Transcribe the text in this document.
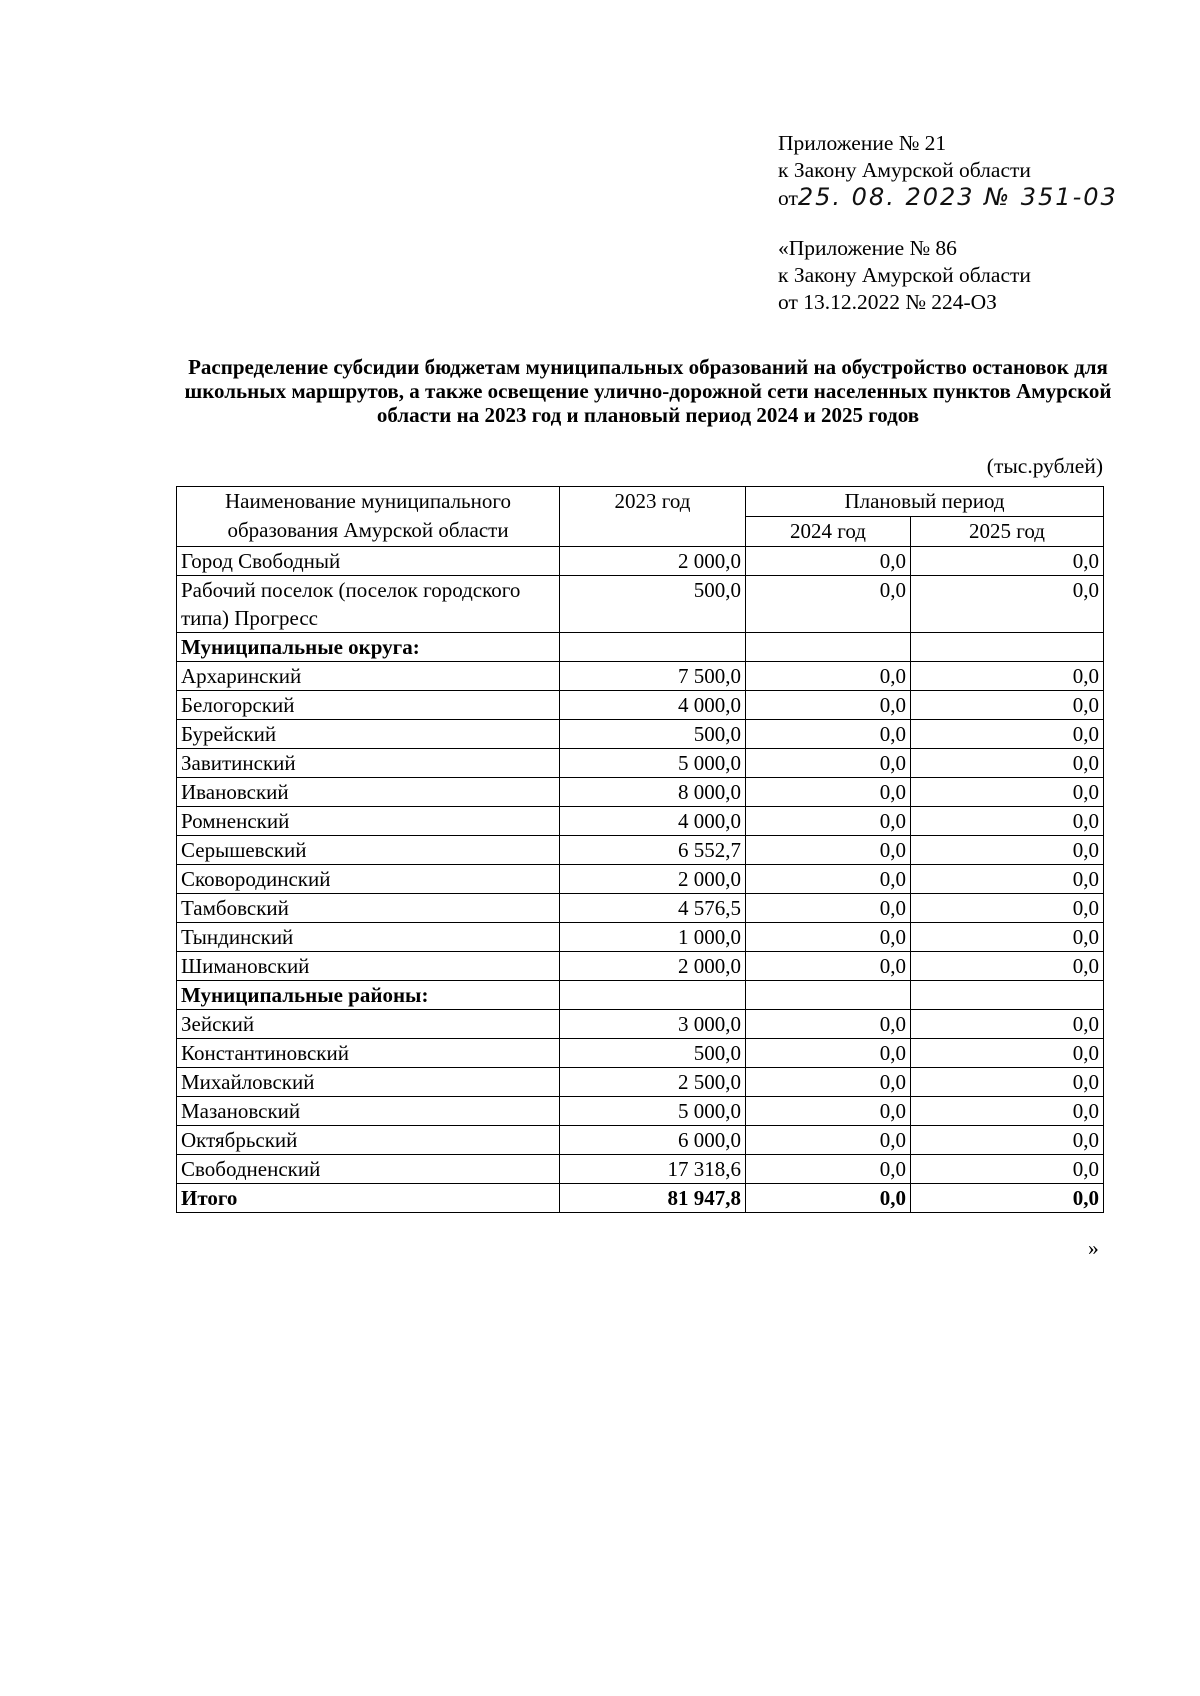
Приложение № 21
к Закону Амурской области
от25. 08. 2023 № 351-03
«Приложение № 86
к Закону Амурской области
от 13.12.2022 № 224-ОЗ
Распределение субсидии бюджетам муниципальных образований на обустройство остановок для школьных маршрутов, а также освещение улично-дорожной сети населенных пунктов Амурской области на 2023 год и плановый период 2024 и 2025 годов
(тыс.рублей)
Наименование муниципального образования Амурской области	2023 год	Плановый период	
		2024 год	2025 год
Город Свободный	2 000,0	0,0	0,0
Рабочий поселок (поселок городского типа) Прогресс	500,0	0,0	0,0
Муниципальные округа:			
Архаринский	7 500,0	0,0	0,0
Белогорский	4 000,0	0,0	0,0
Бурейский	500,0	0,0	0,0
Завитинский	5 000,0	0,0	0,0
Ивановский	8 000,0	0,0	0,0
Ромненский	4 000,0	0,0	0,0
Серышевский	6 552,7	0,0	0,0
Сковородинский	2 000,0	0,0	0,0
Тамбовский	4 576,5	0,0	0,0
Тындинский	1 000,0	0,0	0,0
Шимановский	2 000,0	0,0	0,0
Муниципальные районы:			
Зейский	3 000,0	0,0	0,0
Константиновский	500,0	0,0	0,0
Михайловский	2 500,0	0,0	0,0
Мазановский	5 000,0	0,0	0,0
Октябрьский	6 000,0	0,0	0,0
Свободненский	17 318,6	0,0	0,0
Итого	81 947,8	0,0	0,0
»
